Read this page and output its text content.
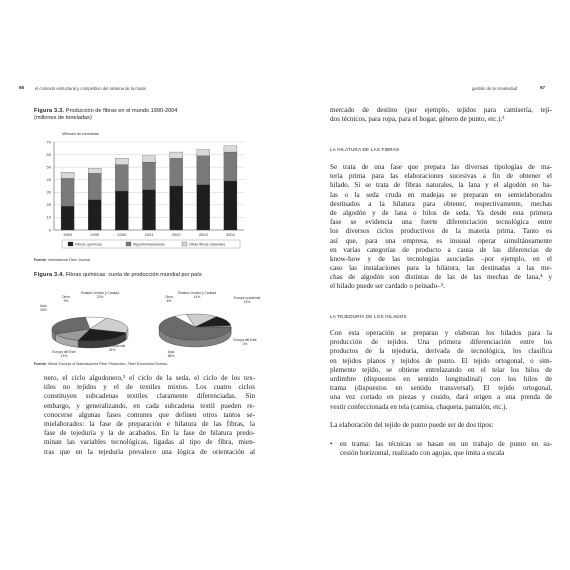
66	el contexto estructural y competitivo del sistema de la moda
Figura 3.3. Producción de fibras en el mundo 1990-2004
(millones de toneladas)
Millones de toneladas
0
10
20
30
40
50
60
70
1990	1995	2000	2001	2002	2003	2004
Fibras químicas	Algodón/lana/seda	Otras fibras naturales
Fuente: International Fiber Journal
Figura 3.4. Fibras químicas: cuota de producción mundial por país
Asia
30%
Otros
9%
Estados Unidos y Canadá
23%
Europa occidental
25%
Europa del Este
13%
Otros
6%
Estados Unidos y Canadá
14%	Europa occidental
13%
Europa del Este
2%
Asia
65%
Fuente: World Surveys of Manufactured Fiber Production, Fiber Economics Bureau.
nero, el ciclo algodonero,² el ciclo de la seda, el ciclo de los tex-
tiles no tejidos y el de textiles mixtos. Los cuatro ciclos
constituyen subcadenas textiles claramente diferenciadas. Sin
embargo, y generalizando, en cada subcadena textil pueden re-
conocerse algunas fases comunes que definen otros tantos se-
mielaborados: la fase de preparación e hilatura de las fibras, la
fase de tejeduría y la de acabados. En la fase de hilatura predo-
minan las variables tecnológicas, ligadas al tipo de fibra, mien-
tras que en la tejeduría prevalece una lógica de orientación al
gestión de la creatividad	67
mercado de destino (por ejemplo, tejidos para camisería, teji-
dos técnicos, para ropa, para el hogar, género de punto, etc.).³
LA HILATURA DE LAS FIBRAS
Se trata de una fase que prepara las diversas tipologías de ma-
teria prima para las elaboraciones sucesivas a fin de obtener el
hilado. Si se trata de fibras naturales, la lana y el algodón en ba-
las o la seda cruda en madejas se preparan en semielaborados
destinados a la hilatura para obtener, respectivamente, mechas
de algodón y de lana o hilos de seda. Ya desde esta primera
fase se evidencia una fuerte diferenciación tecnológica entre
los diversos ciclos productivos de la materia prima. Tanto es
así que, para una empresa, es inusual operar simultáneamente
en varias categorías de producto a causa de las diferencias de
know-how y de las tecnologías asociadas –por ejemplo, en el
caso las instalaciones para la hilatura, las destinadas a las me-
chas de algodón son distintas de las de las mechas de lana,⁴ y
el hilado puede ser cardado o peinado–⁵.
LA TEJEDURÍA DE LOS HILADOS
Con esta operación se preparan y elaboran los hilados para la
producción de tejidos. Una primera diferenciación entre los
productos de la tejeduría, derivada de tecnológica, los clasifica
en tejidos planos y tejidos de punto. El tejido ortogonal, o sim-
plemente tejido, se obtiene entrelazando en el telar los hilos de
urdimbre (dispuestos en sentido longitudinal) con los hilos de
trama (dispuestos en sentido transversal). El tejido ortogonal,
una vez cortado en piezas y cosido, dará origen a una prenda de
vestir confeccionada en tela (camisa, chaqueta, pantalón, etc.).
La elaboración del tejido de punto puede ser de dos tipos:
• en trama: las técnicas se basan en un trabajo de punto en su-
cesión horizontal, realizado con agujas, que imita a escala
